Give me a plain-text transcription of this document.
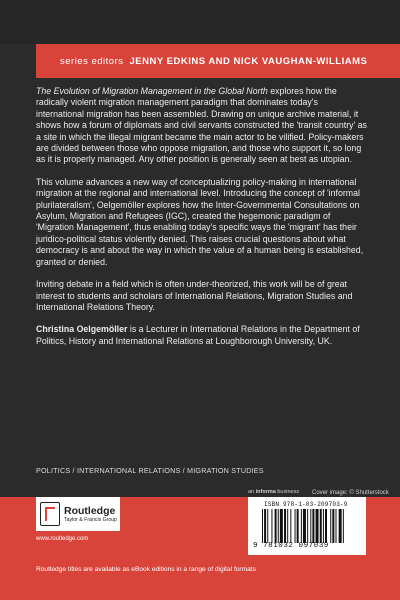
series editors JENNY EDKINS AND NICK VAUGHAN-WILLIAMS

The Evolution of Migration Management in the Global North explores how the radically violent migration management paradigm that dominates today's international migration has been assembled. Drawing on unique archive material, it shows how a forum of diplomats and civil servants constructed the 'transit country' as a site in which the illegal migrant became the main actor to be vilified. Policy-makers are divided between those who oppose migration, and those who support it, so long as it is properly managed. Any other position is generally seen at best as utopian.

This volume advances a new way of conceptualizing policy-making in international migration at the regional and international level. Introducing the concept of 'informal plurilateralism', Oelgemöller explores how the Inter-Governmental Consultations on Asylum, Migration and Refugees (IGC), created the hegemonic paradigm of 'Migration Management', thus enabling today's specific ways the 'migrant' has their juridico-political status violently denied. This raises crucial questions about what democracy is and about the way in which the value of a human being is established, granted or denied.

Inviting debate in a field which is often under-theorized, this work will be of great interest to students and scholars of International Relations, Migration Studies and International Relations Theory.

Christina Oelgemöller is a Lecturer in International Relations in the Department of Politics, History and International Relations at Loughborough University, UK.

POLITICS / INTERNATIONAL RELATIONS / MIGRATION STUDIES
an informa business Cover image: © Shutterstock
Routledge
Taylor & Francis Group
www.routledge.com
ISBN 978-1-03-209703-9
9 781032 097039
Routledge titles are available as eBook editions in a range of digital formats
